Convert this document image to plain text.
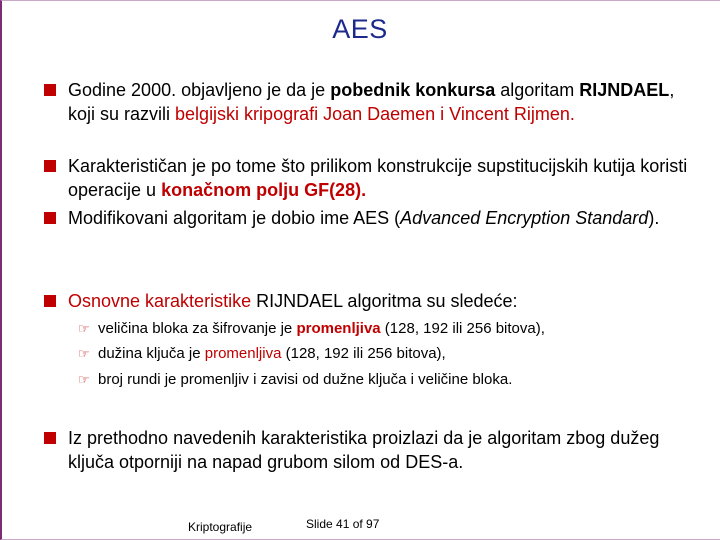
AES
Godine 2000. objavljeno je da je pobednik konkursa algoritam RIJNDAEL, koji su razvili belgijski kripografi Joan Daemen i Vincent Rijmen.
Karakterističan je po tome što prilikom konstrukcije supstitucijskih kutija koristi operacije u konačnom polju GF(28).
Modifikovani algoritam je dobio ime AES (Advanced Encryption Standard).
Osnovne karakteristike RIJNDAEL algoritma su sledeće:
☞ veličina bloka za šifrovanje je promenljiva (128, 192 ili 256 bitova),
☞ dužina ključa je promenljiva (128, 192 ili 256 bitova),
☞ broj rundi je promenljiv i zavisi od dužne ključa i veličine bloka.
Iz prethodno navedenih karakteristika proizlazi da je algoritam zbog dužeg ključa otporniji na napad grubom silom od DES-a.
Kriptografije	Slide 41 of 97
